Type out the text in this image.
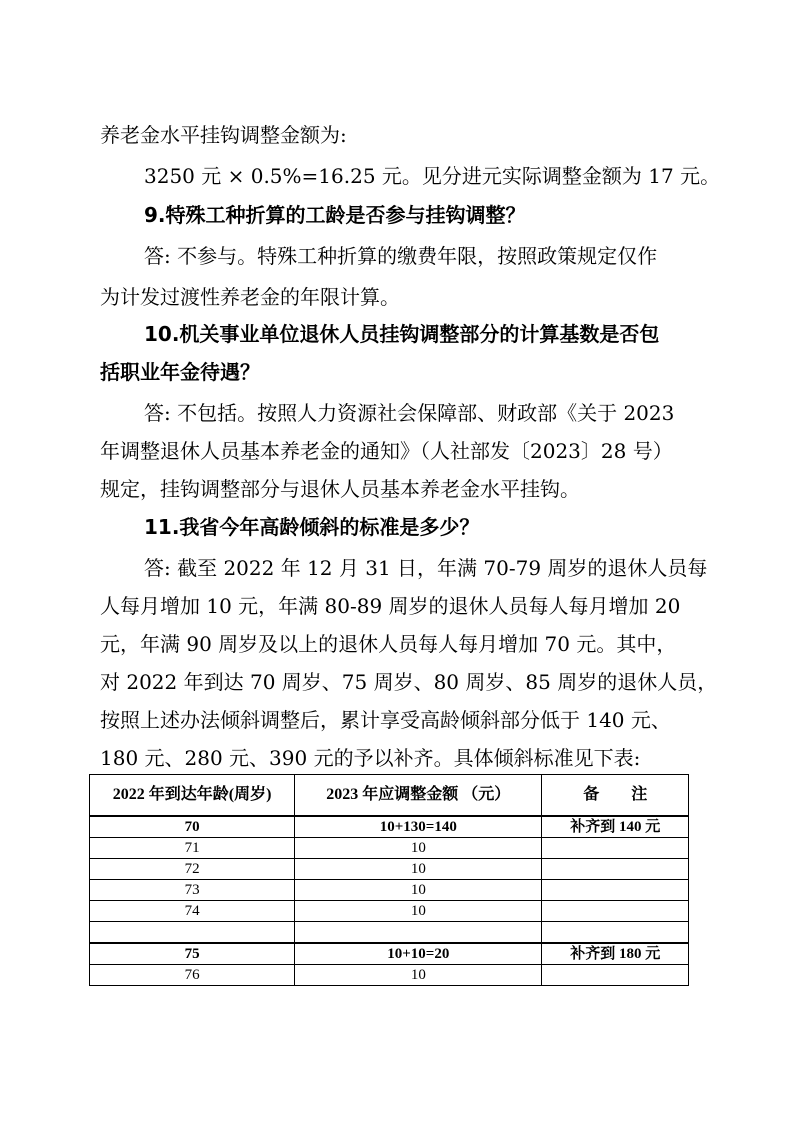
养老金水平挂钩调整金额为:
3250 元 × 0.5%=16.25 元。见分进元实际调整金额为 17 元。
9.特殊工种折算的工龄是否参与挂钩调整？
答: 不参与。特殊工种折算的缴费年限，按照政策规定仅作
为计发过渡性养老金的年限计算。
10.机关事业单位退休人员挂钩调整部分的计算基数是否包
括职业年金待遇？
答: 不包括。按照人力资源社会保障部、财政部《关于 2023
年调整退休人员基本养老金的通知》（人社部发〔2023〕28 号）
规定，挂钩调整部分与退休人员基本养老金水平挂钩。
11.我省今年高龄倾斜的标准是多少？
答: 截至 2022 年 12 月 31 日，年满 70-79 周岁的退休人员每
人每月增加 10 元，年满 80-89 周岁的退休人员每人每月增加 20
元，年满 90 周岁及以上的退休人员每人每月增加 70 元。其中，
对 2022 年到达 70 周岁、75 周岁、80 周岁、85 周岁的退休人员，
按照上述办法倾斜调整后，累计享受高龄倾斜部分低于 140 元、
180 元、280 元、390 元的予以补齐。具体倾斜标准见下表:
2022 年到达年龄(周岁)	2023 年应调整金额 （元）	备　　注
70	10+130=140	补齐到 140 元
71	10	
72	10	
73	10	
74	10	

75	10+10=20	补齐到 180 元
76	10	
